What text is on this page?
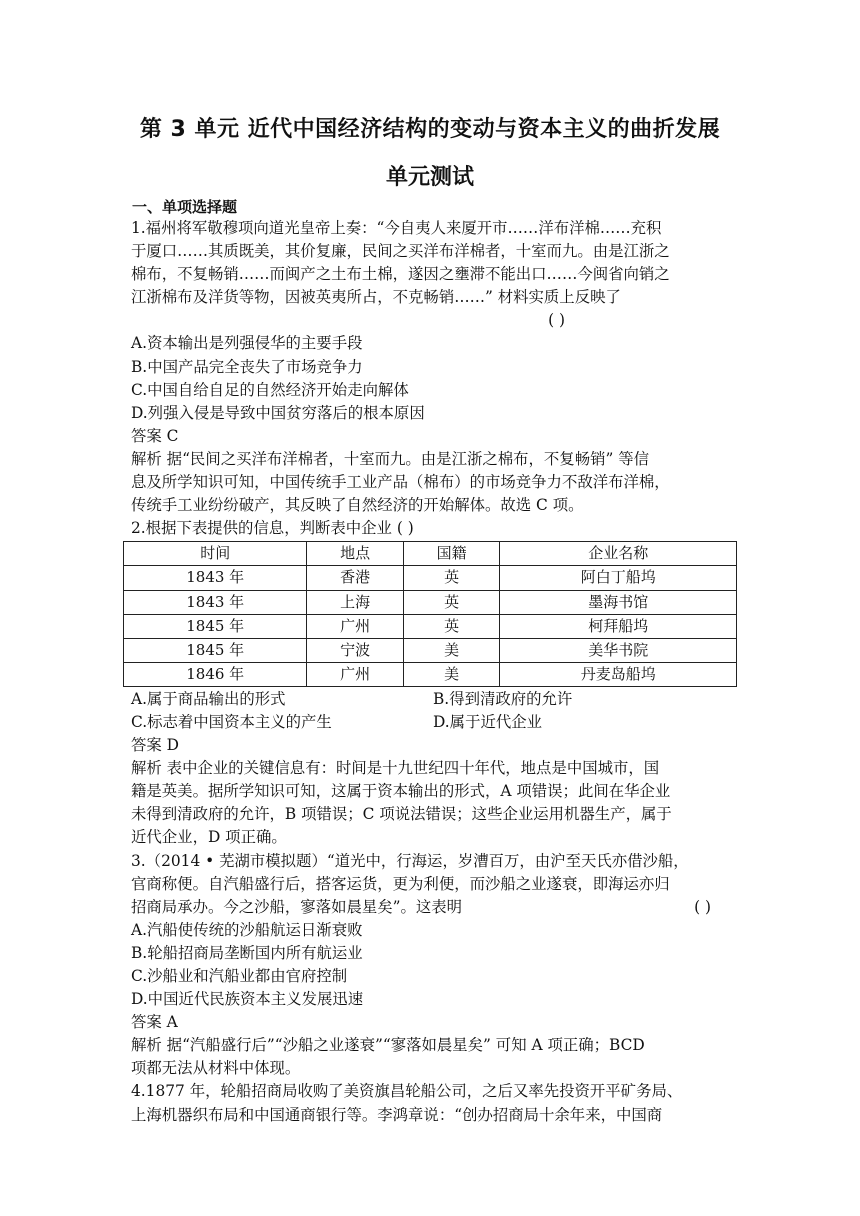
第 3 单元 近代中国经济结构的变动与资本主义的曲折发展
单元测试
一、单项选择题

1.福州将军敬穆项向道光皇帝上奏：“今自夷人来厦开市……洋布洋棉……充积

于厦口……其质既美，其价复廉，民间之买洋布洋棉者，十室而九。由是江浙之

棉布，不复畅销……而闽产之土布土棉，遂因之壅滞不能出口……今闽省向销之

江浙棉布及洋货等物，因被英夷所占，不克畅销……” 材料实质上反映了

( )

A.资本输出是列强侵华的主要手段

B.中国产品完全丧失了市场竞争力

C.中国自给自足的自然经济开始走向解体

D.列强入侵是导致中国贫穷落后的根本原因

答案 C

解析 据“民间之买洋布洋棉者，十室而九。由是江浙之棉布，不复畅销” 等信

息及所学知识可知，中国传统手工业产品（棉布）的市场竞争力不敌洋布洋棉，

传统手工业纷纷破产，其反映了自然经济的开始解体。故选 C 项。

2.根据下表提供的信息，判断表中企业 ( )

时间	地点	国籍	企业名称
1843 年	香港	英	阿白丁船坞
1843 年	上海	英	墨海书馆
1845 年	广州	英	柯拜船坞
1845 年	宁波	美	美华书院
1846 年	广州	美	丹麦岛船坞
A.属于商品输出的形式	B.得到清政府的允许
C.标志着中国资本主义的产生	D.属于近代企业

答案 D

解析 表中企业的关键信息有：时间是十九世纪四十年代，地点是中国城市，国

籍是英美。据所学知识可知，这属于资本输出的形式，A 项错误；此间在华企业

未得到清政府的允许，B 项错误；C 项说法错误；这些企业运用机器生产，属于

近代企业，D 项正确。

3.（2014 • 芜湖市模拟题）“道光中，行海运，岁漕百万，由沪至天氏亦借沙船，

官商称便。自汽船盛行后，搭客运货，更为利便，而沙船之业遂衰，即海运亦归

招商局承办。今之沙船，寥落如晨星矣”。这表明	( )

A.汽船使传统的沙船航运日渐衰败

B.轮船招商局垄断国内所有航运业

C.沙船业和汽船业都由官府控制

D.中国近代民族资本主义发展迅速

答案 A

解析 据“汽船盛行后”“沙船之业遂衰”“寥落如晨星矣” 可知 A 项正确；BCD

项都无法从材料中体现。

4.1877 年，轮船招商局收购了美资旗昌轮船公司，之后又率先投资开平矿务局、

上海机器织布局和中国通商银行等。李鸿章说：“创办招商局十余年来，中国商
